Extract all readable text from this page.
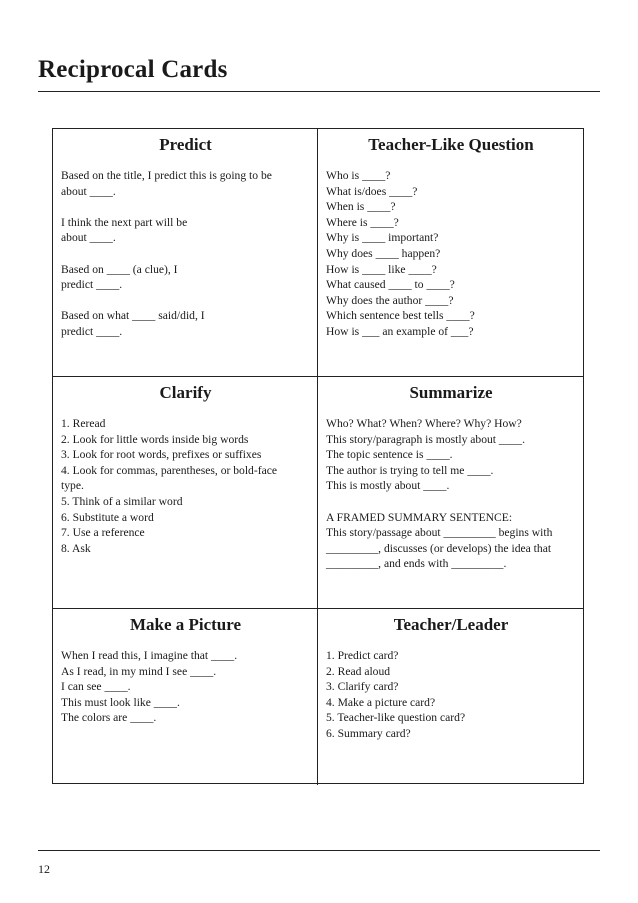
Reciprocal Cards
Predict
Based on the title, I predict this is going to be
about ____.
I think the next part will be
about ____.
Based on ____ (a clue), I
predict ____.
Based on what ____ said/did, I
predict ____.
Teacher-Like Question
Who is ____?
What is/does ____?
When is ____?
Where is ____?
Why is ____ important?
Why does ____ happen?
How is ____ like ____?
What caused ____ to ____?
Why does the author ____?
Which sentence best tells ____?
How is ___ an example of ___?
Clarify
1. Reread
2. Look for little words inside big words
3. Look for root words, prefixes or suffixes
4. Look for commas, parentheses, or bold-face
type.
5. Think of a similar word
6. Substitute a word
7. Use a reference
8. Ask
Summarize
Who? What? When? Where? Why? How?
This story/paragraph is mostly about ____.
The topic sentence is ____.
The author is trying to tell me ____.
This is mostly about ____.
A FRAMED SUMMARY SENTENCE:
This story/passage about _________ begins with
_________, discusses (or develops) the idea that
_________, and ends with _________.
Make a Picture
When I read this, I imagine that ____.
As I read, in my mind I see ____.
I can see ____.
This must look like ____.
The colors are ____.
Teacher/Leader
1. Predict card?
2. Read aloud
3. Clarify card?
4. Make a picture card?
5. Teacher-like question card?
6. Summary card?
12
